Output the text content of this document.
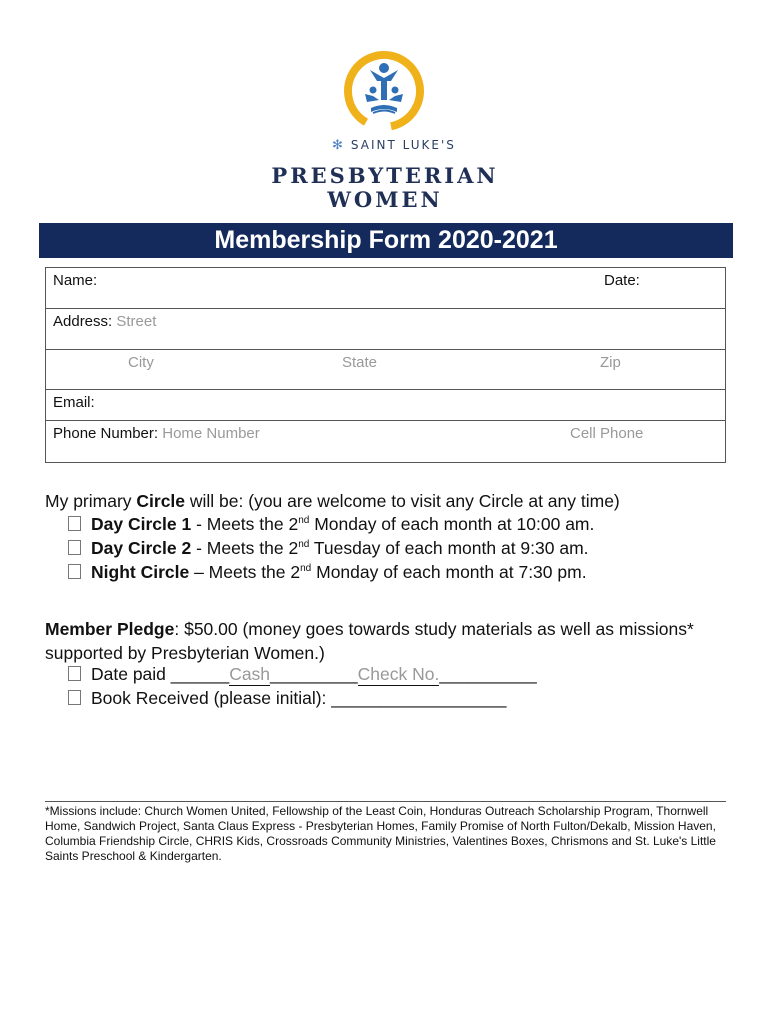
✻ SAINT LUKE'S
PRESBYTERIAN
WOMEN
Membership Form 2020-2021
Name:	Date:
Address: Street
City	State	Zip
Email:
Phone Number: Home Number	Cell Phone
My primary Circle will be: (you are welcome to visit any Circle at any time)
Day Circle 1 - Meets the 2nd Monday of each month at 10:00 am.
Day Circle 2 - Meets the 2nd Tuesday of each month at 9:30 am.
Night Circle – Meets the 2nd Monday of each month at 7:30 pm.
Member Pledge: $50.00 (money goes towards study materials as well as missions*
supported by Presbyterian Women.)
Date paid ______Cash_________Check No.__________
Book Received (please initial): __________________
*Missions include: Church Women United, Fellowship of the Least Coin, Honduras Outreach Scholarship Program, Thornwell Home, Sandwich Project, Santa Claus Express - Presbyterian Homes, Family Promise of North Fulton/Dekalb, Mission Haven, Columbia Friendship Circle, CHRIS Kids, Crossroads Community Ministries, Valentines Boxes, Chrismons and St. Luke's Little Saints Preschool & Kindergarten.
